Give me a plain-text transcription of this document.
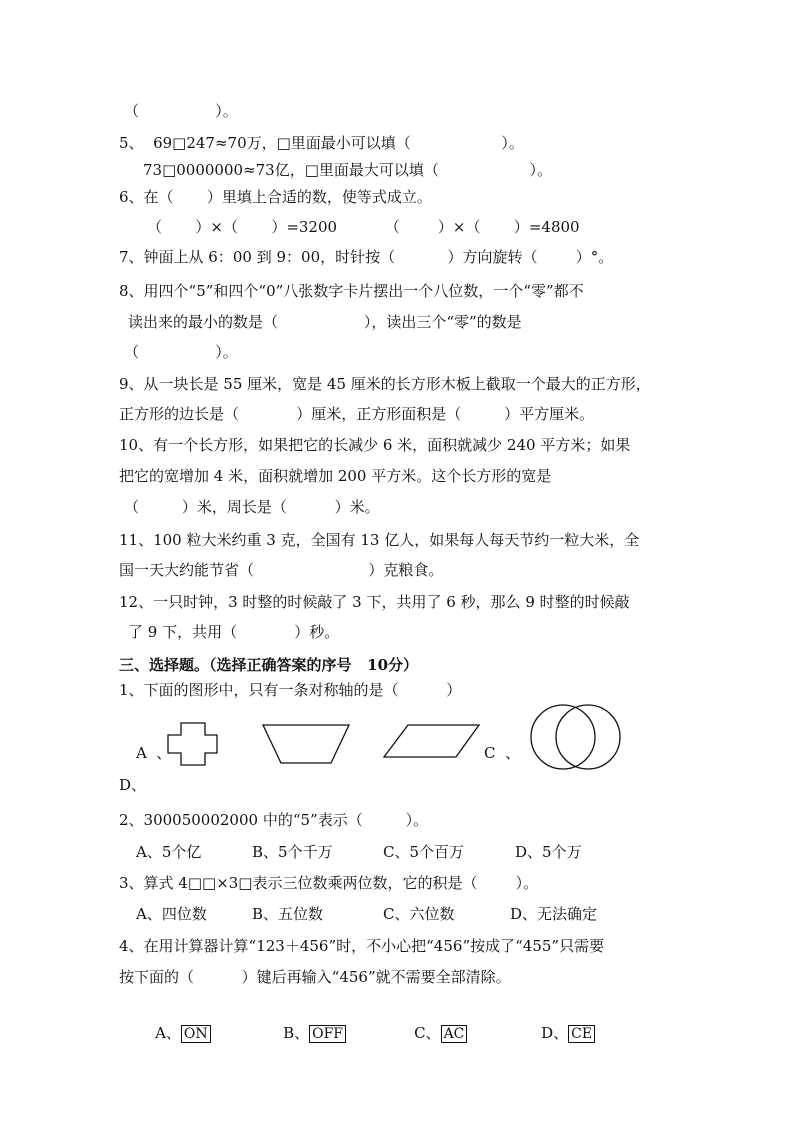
（                ）。
5、  69□247≈70万，□里面最小可以填（                   ）。
73□0000000≈73亿，□里面最大可以填（                   ）。
6、在（       ）里填上合适的数，使等式成立。
（       ）×（       ）=3200          （        ）×（       ）=4800
7、钟面上从 6：00 到 9：00，时针按（           ）方向旋转（        ）°。
8、用四个“5”和四个“0”八张数字卡片摆出一个八位数，一个“零”都不
读出来的最小的数是（                  ），读出三个“零”的数是
（                ）。
9、从一块长是 55 厘米，宽是 45 厘米的长方形木板上截取一个最大的正方形，
正方形的边长是（            ）厘米，正方形面积是（         ）平方厘米。
10、有一个长方形，如果把它的长减少 6 米，面积就减少 240 平方米；如果
把它的宽增加 4 米，面积就增加 200 平方米。这个长方形的宽是
（         ）米，周长是（          ）米。
11、100 粒大米约重 3 克，全国有 13 亿人，如果每人每天节约一粒大米，全
国一天大约能节省（                        ）克粮食。
12、一只时钟，3 时整的时候敲了 3 下，共用了 6 秒，那么 9 时整的时候敲
了 9 下，共用（            ）秒。
三、选择题。（选择正确答案的序号   10分）
1、下面的图形中，只有一条对称轴的是（          ）
A  、	C  、
D、
2、300050002000 中的“5”表示（         ）。
A、5个亿	B、5个千万	C、5个百万	D、5个万
3、算式 4□□×3□表示三位数乘两位数，它的积是（        ）。
A、四位数	B、五位数	C、六位数	D、无法确定
4、在用计算器计算“123＋456”时，不小心把“456”按成了“455”只需要
按下面的（          ）键后再输入“456”就不需要全部清除。

A、 ON
	B、 OFF
	C、 AC
	D、 CE
